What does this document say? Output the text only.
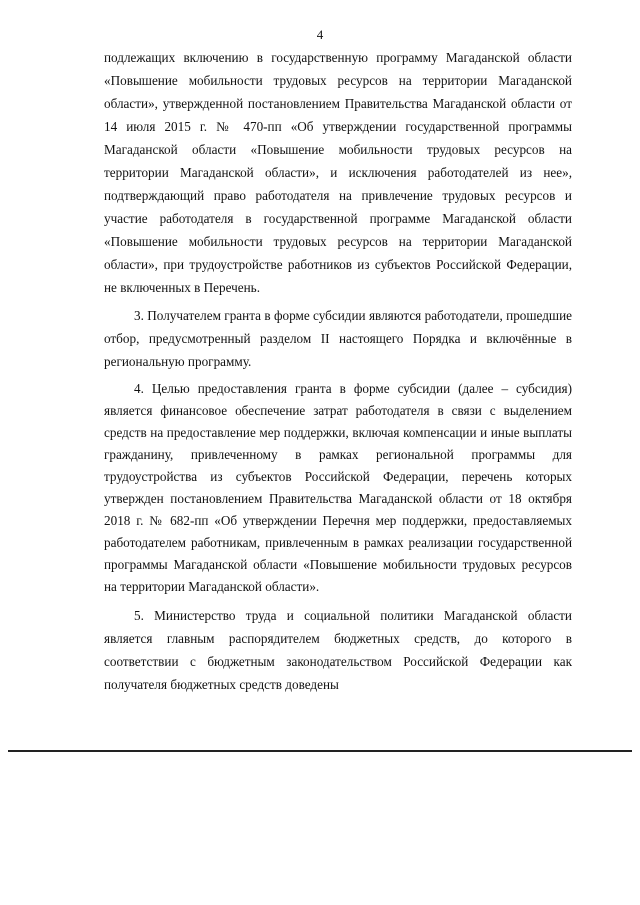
4

подлежащих включению в государственную программу Магаданской области «Повышение мобильности трудовых ресурсов на территории Магаданской области», утвержденной постановлением Правительства Магаданской области от 14 июля 2015 г. № 470-пп «Об утверждении государственной программы Магаданской области «Повышение мобильности трудовых ресурсов на территории Магаданской области», и исключения работодателей из нее», подтверждающий право работодателя на привлечение трудовых ресурсов и участие работодателя в государственной программе Магаданской области «Повышение мобильности трудовых ресурсов на территории Магаданской области», при трудоустройстве работников из субъектов Российской Федерации, не включенных в Перечень.

3. Получателем гранта в форме субсидии являются работодатели, прошедшие отбор, предусмотренный разделом II настоящего Порядка и включённые в региональную программу.

4. Целью предоставления гранта в форме субсидии (далее – субсидия) является финансовое обеспечение затрат работодателя в связи с выделением средств на предоставление мер поддержки, включая компенсации и иные выплаты гражданину, привлеченному в рамках региональной программы для трудоустройства из субъектов Российской Федерации, перечень которых утвержден постановлением Правительства Магаданской области от 18 октября 2018 г. № 682-пп «Об утверждении Перечня мер поддержки, предоставляемых работодателем работникам, привлеченным в рамках реализации государственной программы Магаданской области «Повышение мобильности трудовых ресурсов на территории Магаданской области».

5. Министерство труда и социальной политики Магаданской области является главным распорядителем бюджетных средств, до которого в соответствии с бюджетным законодательством Российской Федерации как получателя бюджетных средств доведены
